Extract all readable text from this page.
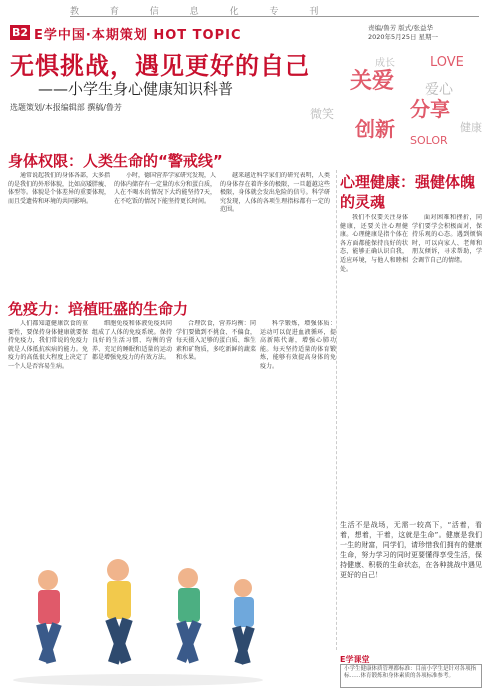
教 育 信 息 化 专 刊
B2 E学中国·本期策划 HOT TOPIC	责编/鲁芳 版式/张益华
2020年5月25日 星期一
无惧挑战，遇见更好的自己
——小学生身心健康知识科普
选题策划/本报编辑部 撰稿/鲁芳
关爱
分享
LOVE
创新 SOLOR
爱心
微笑
健康
成长
身体权限：人类生命的“警戒线”

通常说起我们的身体各部，大多指的是我们的外形体貌，比如高矮胖瘦、体型等。体貌是个体差异的重要体现，而且受遗传和环境的共同影响。

小时，德国营养学家研究发现，人的体内储存有一定量的水分和蛋白质，人在不喝水的情况下大约能坚持7天，在不吃饭的情况下能坚持更长时间。

越来越近科学家们的研究表明，人类的身体存在着许多的极限，一旦超越这些极限，身体就会发出危险的信号。科学研究发现，人体的各项生理指标都有一定的范围。

免疫力：培植旺盛的生命力

人们都知道健康饮食的重要性，要保持身体健康就要保持免疫力，我们常说的免疫力就是人体抵抗疾病的能力。免疫力的高低很大程度上决定了一个人是否容易生病。

细胞免疫和体液免疫共同组成了人体的免疫系统。保持良好的生活习惯、均衡的营养、充足的睡眠和适量的运动都是增强免疫力的有效方法。

合理饮食，营养均衡：同学们要做到不挑食、不偏食，每天摄入足够的蛋白质、维生素和矿物质，多吃新鲜的蔬菜和水果。

科学锻炼，增强体质：运动可以促进血液循环，提高新陈代谢，增强心肺功能。每天坚持适量的体育锻炼，能够有效提高身体的免疫力。

心理健康：强健体魄的灵魂

我们不仅要关注身体健康，还要关注心理健康。心理健康是指个体在各方面都能保持良好的状态，能够正确认识自我，适应环境，与他人和睦相处。

面对困难和挫折，同学们要学会积极面对，保持乐观的心态。遇到烦恼时，可以向家人、老师和朋友倾诉，寻求帮助，学会调节自己的情绪。

生活不是战场，无需一较高下，“活着，看着，想着，干着，这就是生命”。健康是我们一生的财富，同学们，请珍惜我们拥有的健康生命，努力学习的同时更要懂得享受生活，保持健康、积极的生命状态，在各种挑战中遇见更好的自己！
E学课堂
小学生健康体质管理都标准：目前小学生是针对各项指标……体育锻炼和身体素质的各项标准参考。
